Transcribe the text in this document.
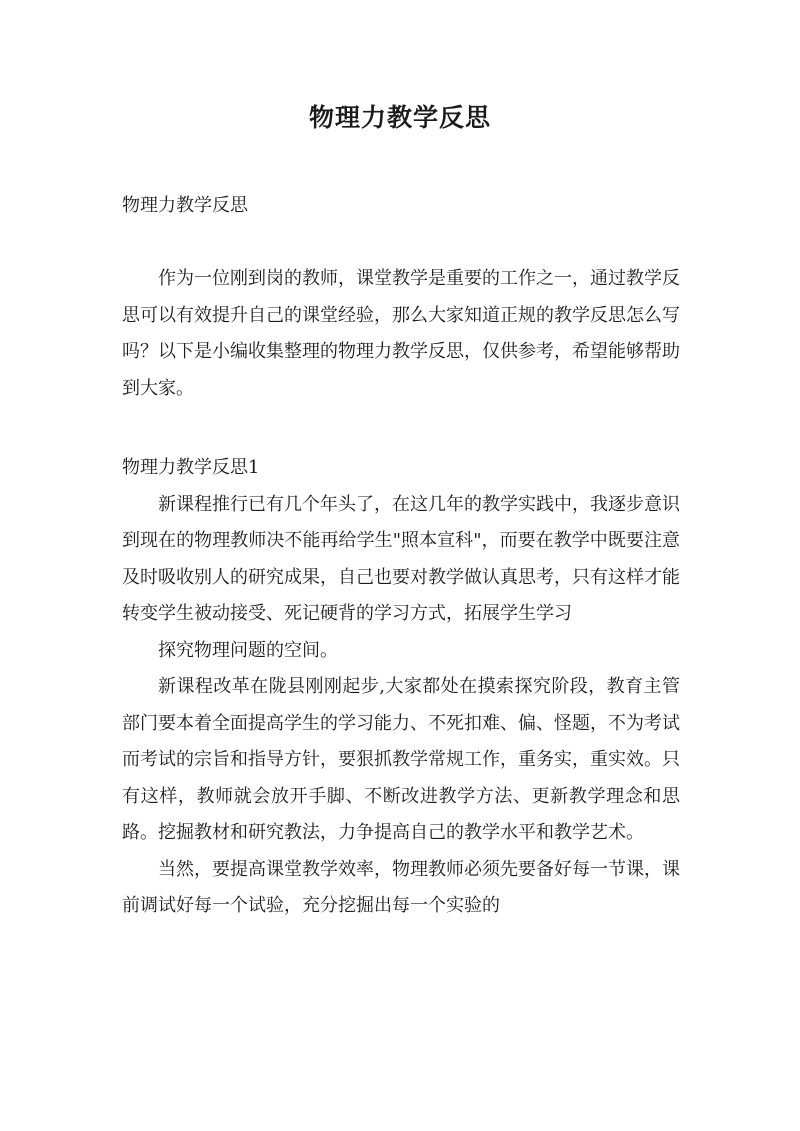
物理力教学反思

物理力教学反思

作为一位刚到岗的教师，课堂教学是重要的工作之一，通过教学反思可以有效提升自己的课堂经验，那么大家知道正规的教学反思怎么写吗？以下是小编收集整理的物理力教学反思，仅供参考，希望能够帮助到大家。

物理力教学反思1

新课程推行已有几个年头了，在这几年的教学实践中，我逐步意识到现在的物理教师决不能再给学生"照本宣科"，而要在教学中既要注意及时吸收别人的研究成果，自己也要对教学做认真思考，只有这样才能转变学生被动接受、死记硬背的学习方式，拓展学生学习

探究物理问题的空间。

新课程改革在陇县刚刚起步,大家都处在摸索探究阶段，教育主管部门要本着全面提高学生的学习能力、不死扣难、偏、怪题，不为考试而考试的宗旨和指导方针，要狠抓教学常规工作，重务实，重实效。只有这样，教师就会放开手脚、不断改进教学方法、更新教学理念和思路。挖掘教材和研究教法，力争提高自己的教学水平和教学艺术。

当然，要提高课堂教学效率，物理教师必须先要备好每一节课，课前调试好每一个试验，充分挖掘出每一个实验的
